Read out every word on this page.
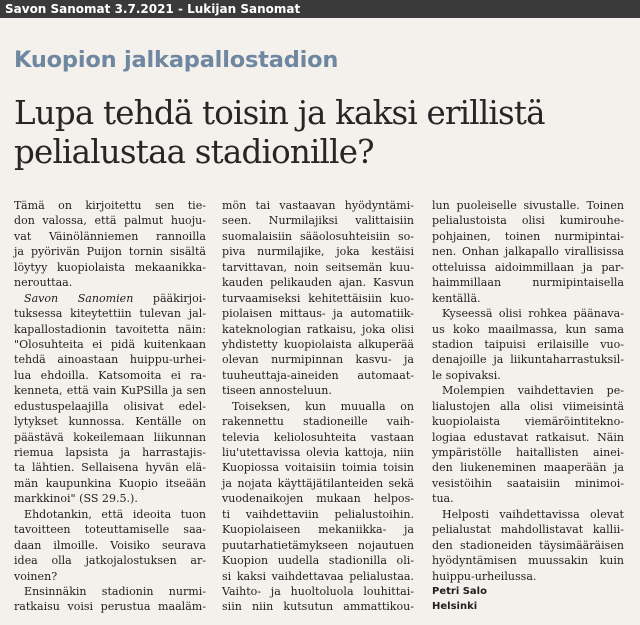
Savon Sanomat 3.7.2021 - Lukijan Sanomat
Kuopion jalkapallostadion
Lupa tehdä toisin ja kaksi erillistä
pelialustaa stadionille?
Tämä on kirjoitettu sen tie-
don valossa, että palmut huoju-
vat Väinölänniemen rannoilla
ja pyörivän Puijon tornin sisältä
löytyy kuopiolaista mekaanikka-
nerouttaa.
Savon Sanomien pääkirjoi-
tuksessa kiteytettiin tulevan jal-
kapallostadionin tavoitetta näin:
"Olosuhteita ei pidä kuitenkaan
tehdä ainoastaan huippu-urhei-
lua ehdoilla. Katsomoita ei ra-
kenneta, että vain KuPSilla ja sen
edustuspelaajilla olisivat edel-
lytykset kunnossa. Kentälle on
päästävä kokeilemaan liikunnan
riemua lapsista ja harrastajis-
ta lähtien. Sellaisena hyvän elä-
män kaupunkina Kuopio itseään
markkinoi" (SS 29.5.).
Ehdotankin, että ideoita tuon
tavoitteen toteuttamiselle saa-
daan ilmoille. Voisiko seurava
idea olla jatkojalostuksen ar-
voinen?
Ensinnäkin stadionin nurmi-
ratkaisu voisi perustua maaläm-
mön tai vastaavan hyödyntämi-
seen. Nurmilajiksi valittaisiin
suomalaisiin sääolosuhteisiin so-
piva nurmilajike, joka kestäisi
tarvittavan, noin seitsemän kuu-
kauden pelikauden ajan. Kasvun
turvaamiseksi kehitettäisiin kuo-
piolaisen mittaus- ja automatiik-
kateknologian ratkaisu, joka olisi
yhdistetty kuopiolaista alkuperää
olevan nurmipinnan kasvu- ja
tuuheuttaja-aineiden automaat-
tiseen annosteluun.
Toiseksen, kun muualla on
rakennettu stadioneille vaih-
televia keliolosuhteita vastaan
liu'utettavissa olevia kattoja, niin
Kuopiossa voitaisiin toimia toisin
ja nojata käyttäjätilanteiden sekä
vuodenaikojen mukaan helpos-
ti vaihdettaviin pelialustoihin.
Kuopiolaiseen mekaniikka- ja
puutarhatietämykseen nojautuen
Kuopion uudella stadionilla oli-
si kaksi vaihdettavaa pelialustaa.
Vaihto- ja huoltoluola louhittai-
siin niin kutsutun ammattikou-
lun puoleiselle sivustalle. Toinen
pelialustoista olisi kumirouhe-
pohjainen, toinen nurmipintai-
nen. Onhan jalkapallo virallisissa
otteluissa aidoimmillaan ja par-
haimmillaan nurmipintaisella
kentällä.
Kyseessä olisi rohkea päänava-
us koko maailmassa, kun sama
stadion taipuisi erilaisille vuo-
denajoille ja liikuntaharrastuksil-
le sopivaksi.
Molempien vaihdettavien pe-
lialustojen alla olisi viimeisintä
kuopiolaista viemäröintitekno-
logiaa edustavat ratkaisut. Näin
ympäristölle haitallisten ainei-
den liukeneminen maaperään ja
vesistöihin saataisiin minimoi-
tua.
Helposti vaihdettavissa olevat
pelialustat mahdollistavat kallii-
den stadioneiden täysimääräisen
hyödyntämisen muussakin kuin
huippu-urheilussa.
Petri Salo
Helsinki
